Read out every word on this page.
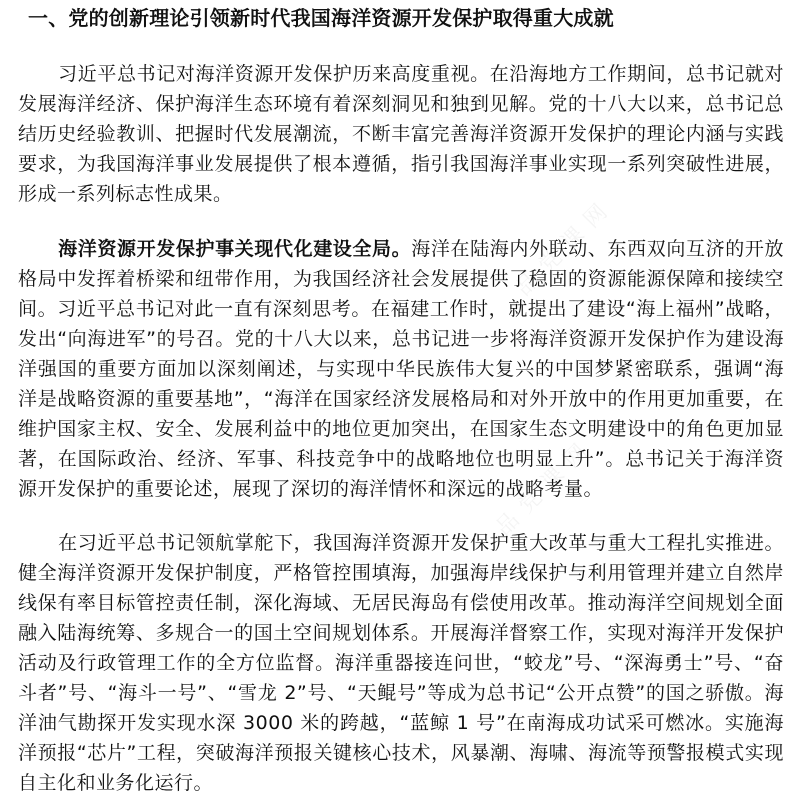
品党课网
品党课网
一、党的创新理论引领新时代我国海洋资源开发保护取得重大成就

习近平总书记对海洋资源开发保护历来高度重视。在沿海地方工作期间，总书记就对发展海洋经济、保护海洋生态环境有着深刻洞见和独到见解。党的十八大以来，总书记总结历史经验教训、把握时代发展潮流，不断丰富完善海洋资源开发保护的理论内涵与实践要求，为我国海洋事业发展提供了根本遵循，指引我国海洋事业实现一系列突破性进展，形成一系列标志性成果。

海洋资源开发保护事关现代化建设全局。海洋在陆海内外联动、东西双向互济的开放格局中发挥着桥梁和纽带作用，为我国经济社会发展提供了稳固的资源能源保障和接续空间。习近平总书记对此一直有深刻思考。在福建工作时，就提出了建设“海上福州”战略，发出“向海进军”的号召。党的十八大以来，总书记进一步将海洋资源开发保护作为建设海洋强国的重要方面加以深刻阐述，与实现中华民族伟大复兴的中国梦紧密联系，强调“海洋是战略资源的重要基地”，“海洋在国家经济发展格局和对外开放中的作用更加重要，在维护国家主权、安全、发展利益中的地位更加突出，在国家生态文明建设中的角色更加显著，在国际政治、经济、军事、科技竞争中的战略地位也明显上升”。总书记关于海洋资源开发保护的重要论述，展现了深切的海洋情怀和深远的战略考量。

在习近平总书记领航掌舵下，我国海洋资源开发保护重大改革与重大工程扎实推进。健全海洋资源开发保护制度，严格管控围填海，加强海岸线保护与利用管理并建立自然岸线保有率目标管控责任制，深化海域、无居民海岛有偿使用改革。推动海洋空间规划全面融入陆海统筹、多规合一的国土空间规划体系。开展海洋督察工作，实现对海洋开发保护活动及行政管理工作的全方位监督。海洋重器接连问世，“蛟龙”号、“深海勇士”号、“奋斗者”号、“海斗一号”、“雪龙 2”号、“天鲲号”等成为总书记“公开点赞”的国之骄傲。海洋油气勘探开发实现水深 3000 米的跨越，“蓝鲸 1 号”在南海成功试采可燃冰。实施海洋预报“芯片”工程，突破海洋预报关键核心技术，风暴潮、海啸、海流等预警报模式实现自主化和业务化运行。
